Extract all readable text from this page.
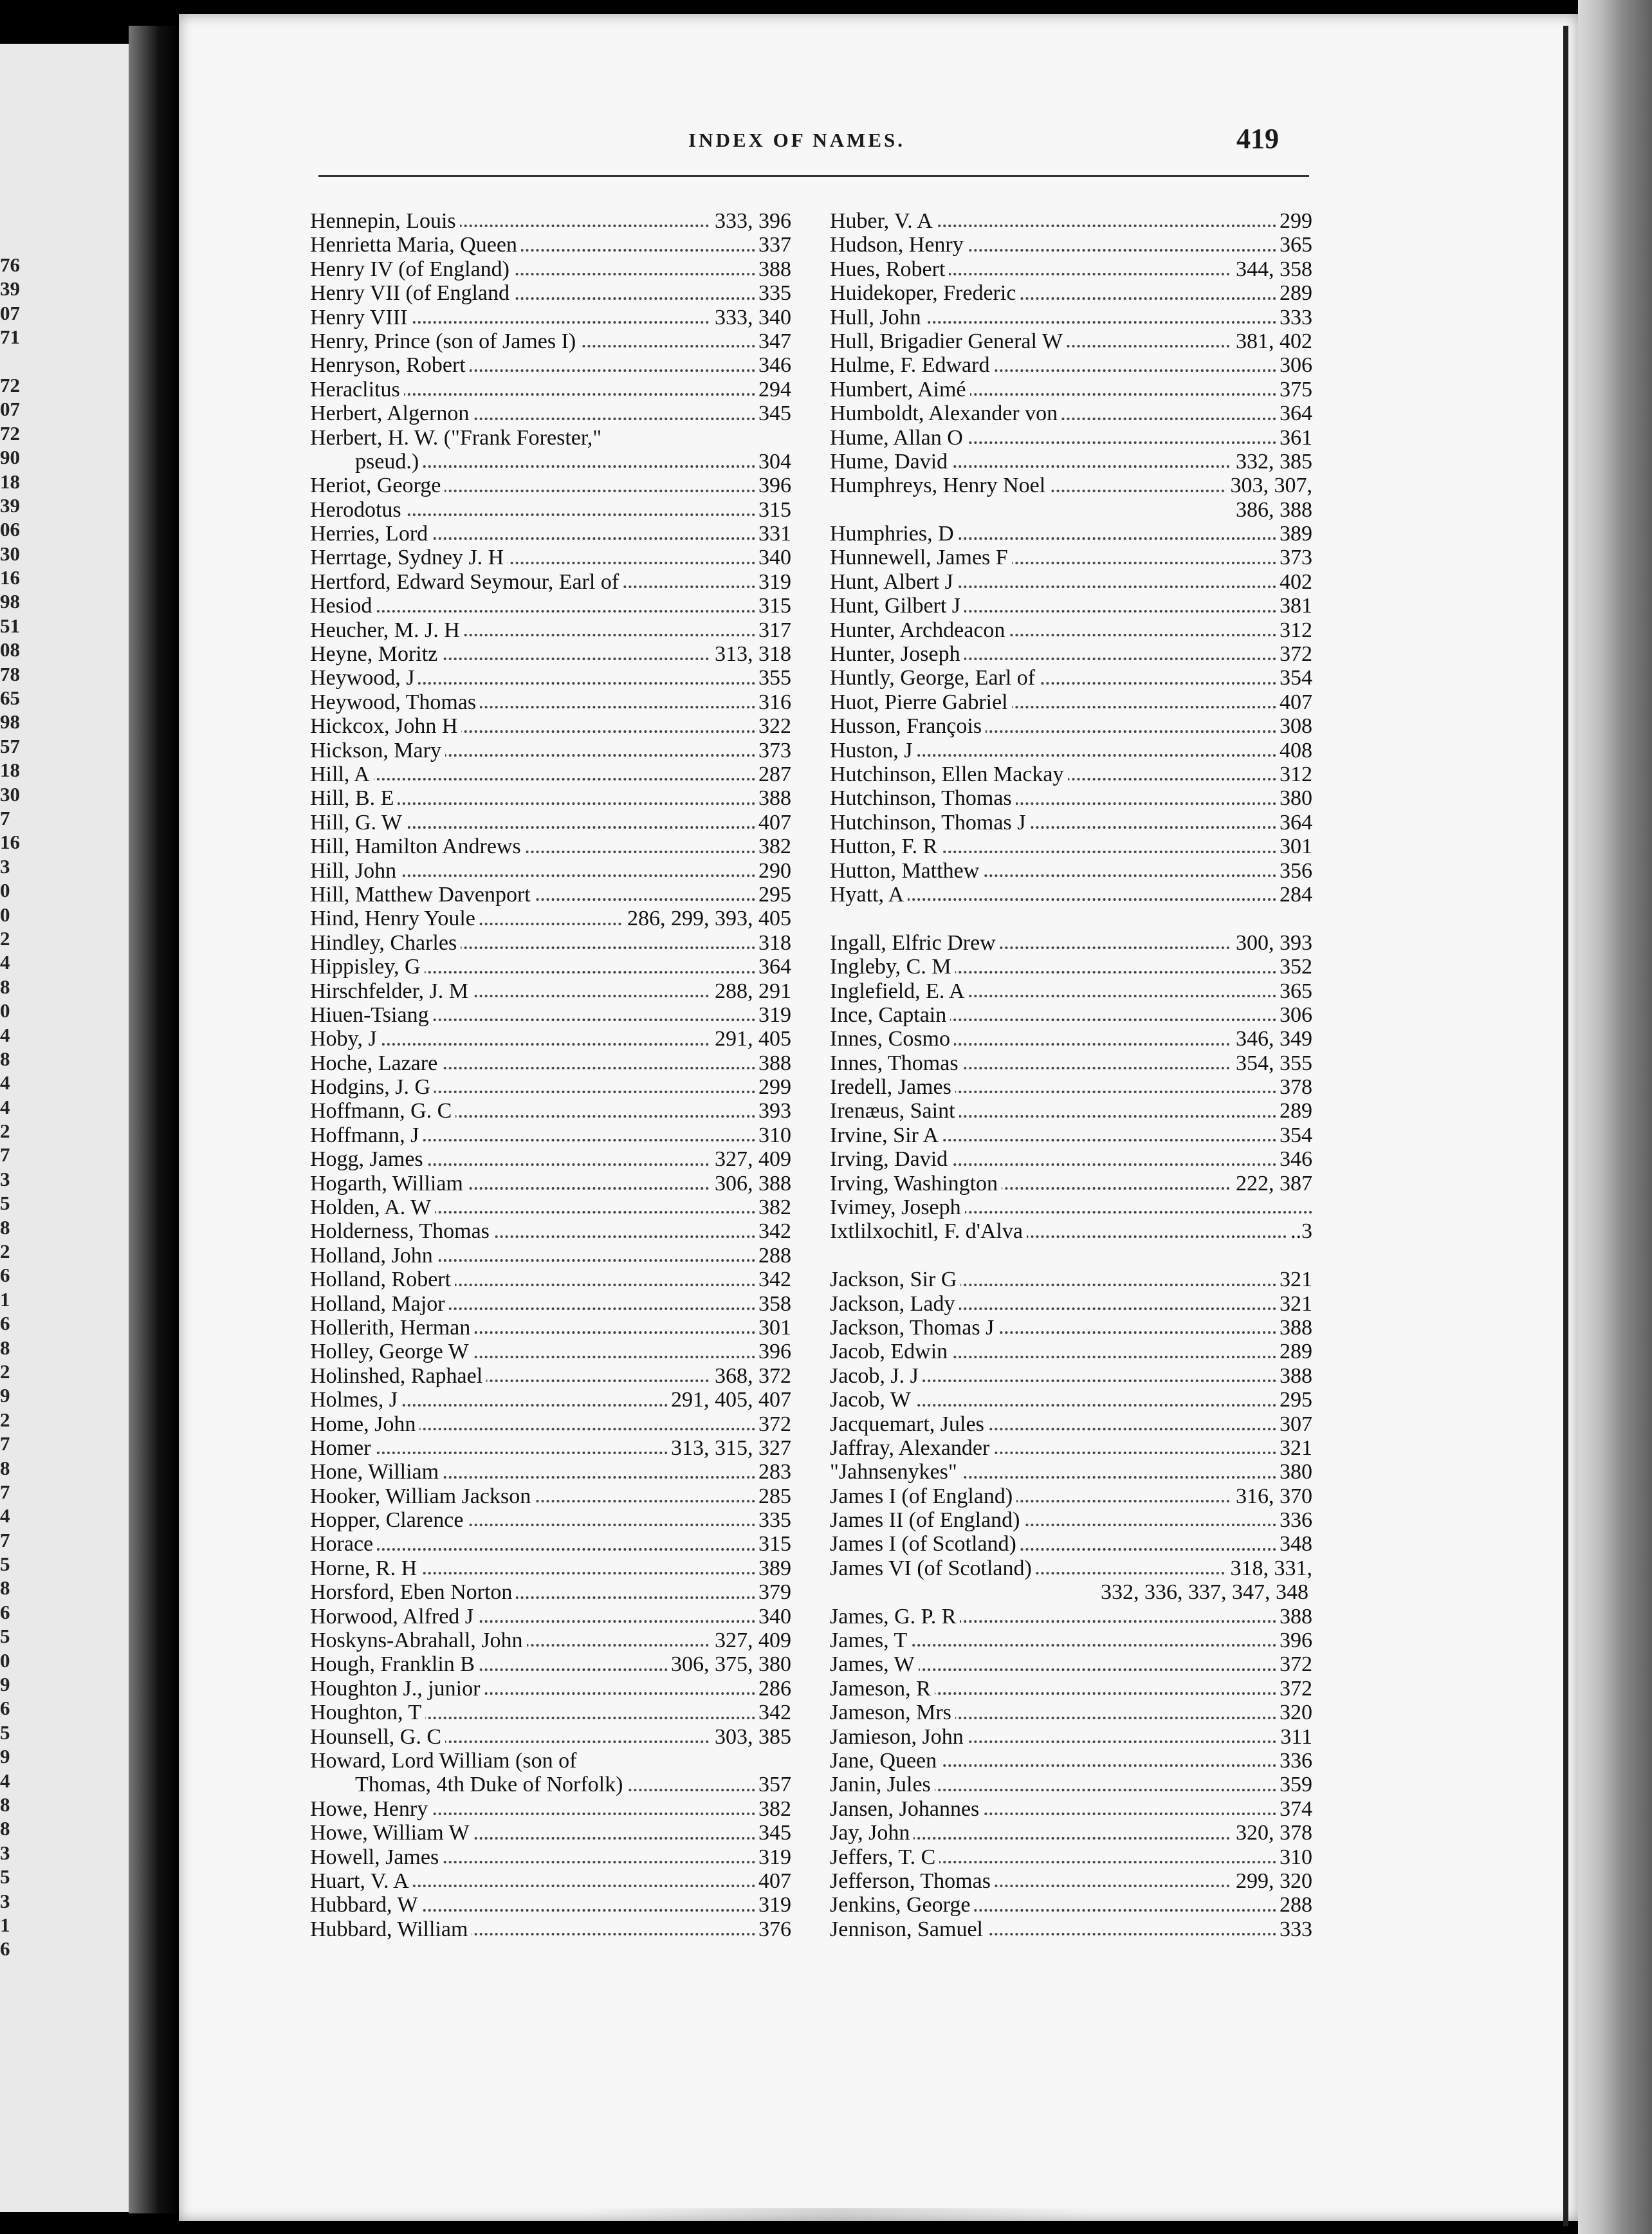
76
39
07
71
72
07
72
90
18
39
06
30
16
98
51
08
78
65
98
57
18
30
7
16
3
0
0
2
4
8
0
4
8
4
4
2
7
3
5
8
2
6
1
6
8
2
9
2
7
8
7
4
7
5
8
6
5
0
9
6
5
9
4
8
8
3
5
3
1
6
INDEX OF NAMES.	419
Hennepin, Louis	333, 396
Henrietta Maria, Queen	337
Henry IV (of England)	388
Henry VII (of England	335
Henry VIII	333, 340
Henry, Prince (son of James I)	347
Henryson, Robert	346
Heraclitus	294
Herbert, Algernon	345
Herbert, H. W. ("Frank Forester,"
pseud.)	304
Heriot, George	396
Herodotus	315
Herries, Lord	331
Herrtage, Sydney J. H	340
Hertford, Edward Seymour, Earl of	319
Hesiod	315
Heucher, M. J. H	317
Heyne, Moritz	313, 318
Heywood, J	355
Heywood, Thomas	316
Hickcox, John H	322
Hickson, Mary	373
Hill, A	287
Hill, B. E	388
Hill, G. W	407
Hill, Hamilton Andrews	382
Hill, John	290
Hill, Matthew Davenport	295
Hind, Henry Youle	286, 299, 393, 405
Hindley, Charles	318
Hippisley, G	364
Hirschfelder, J. M	288, 291
Hiuen-Tsiang	319
Hoby, J	291, 405
Hoche, Lazare	388
Hodgins, J. G	299
Hoffmann, G. C	393
Hoffmann, J	310
Hogg, James	327, 409
Hogarth, William	306, 388
Holden, A. W	382
Holderness, Thomas	342
Holland, John	288
Holland, Robert	342
Holland, Major	358
Hollerith, Herman	301
Holley, George W	396
Holinshed, Raphael	368, 372
Holmes, J	291, 405, 407
Home, John	372
Homer	313, 315, 327
Hone, William	283
Hooker, William Jackson	285
Hopper, Clarence	335
Horace	315
Horne, R. H	389
Horsford, Eben Norton	379
Horwood, Alfred J	340
Hoskyns-Abrahall, John	327, 409
Hough, Franklin B	306, 375, 380
Houghton J., junior	286
Houghton, T	342
Hounsell, G. C	303, 385
Howard, Lord William (son of
Thomas, 4th Duke of Norfolk)	357
Howe, Henry	382
Howe, William W	345
Howell, James	319
Huart, V. A	407
Hubbard, W	319
Hubbard, William	376
Huber, V. A	299
Hudson, Henry	365
Hues, Robert	344, 358
Huidekoper, Frederic	289
Hull, John	333
Hull, Brigadier General W	381, 402
Hulme, F. Edward	306
Humbert, Aimé	375
Humboldt, Alexander von	364
Hume, Allan O	361
Hume, David	332, 385
Humphreys, Henry Noel	303, 307,
386, 388
Humphries, D	389
Hunnewell, James F	373
Hunt, Albert J	402
Hunt, Gilbert J	381
Hunter, Archdeacon	312
Hunter, Joseph	372
Huntly, George, Earl of	354
Huot, Pierre Gabriel	407
Husson, François	308
Huston, J	408
Hutchinson, Ellen Mackay	312
Hutchinson, Thomas	380
Hutchinson, Thomas J	364
Hutton, F. R	301
Hutton, Matthew	356
Hyatt, A	284
Ingall, Elfric Drew	300, 393
Ingleby, C. M	352
Inglefield, E. A	365
Ince, Captain	306
Innes, Cosmo	346, 349
Innes, Thomas	354, 355
Iredell, James	378
Irenæus, Saint	289
Irvine, Sir A	354
Irving, David	346
Irving, Washington	222, 387
Ivimey, Joseph
Ixtlilxochitl, F. d'Alva	..3
Jackson, Sir G	321
Jackson, Lady	321
Jackson, Thomas J	388
Jacob, Edwin	289
Jacob, J. J	388
Jacob, W	295
Jacquemart, Jules	307
Jaffray, Alexander	321
"Jahnsenykes"	380
James I (of England)	316, 370
James II (of England)	336
James I (of Scotland)	348
James VI (of Scotland)	318, 331,
332, 336, 337, 347, 348
James, G. P. R	388
James, T	396
James, W	372
Jameson, R	372
Jameson, Mrs	320
Jamieson, John	311
Jane, Queen	336
Janin, Jules	359
Jansen, Johannes	374
Jay, John	320, 378
Jeffers, T. C	310
Jefferson, Thomas	299, 320
Jenkins, George	288
Jennison, Samuel	333
